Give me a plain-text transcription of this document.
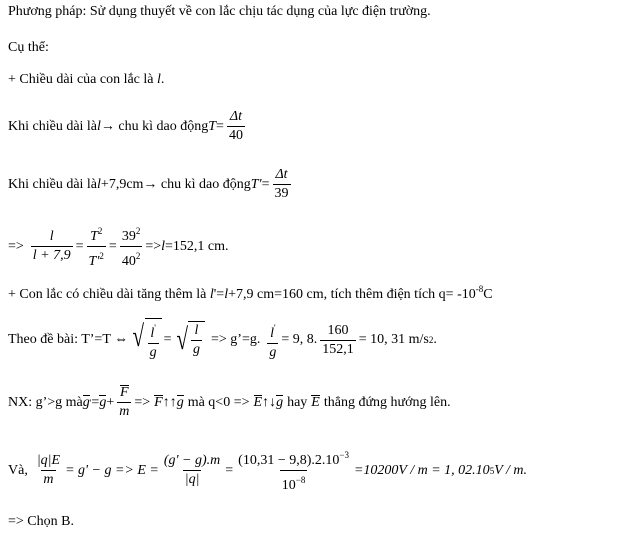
Phương pháp: Sử dụng thuyết về con lắc chịu tác dụng của lực điện trường.
Cụ thể:
+ Chiều dài của con lắc là l.
Khi chiều dài là l → chu kì dao động $T = \frac{\Delta t}{40}$
Khi chiều dài là l +7,9cm→ chu kì dao động $T' = \frac{\Delta t}{39}$
=> $\frac{l}{l + 7,9} = \frac{T^2}{T'^2} = \frac{39^2}{40^2} => l =152,1$ cm.
+ Con lắc có chiều dài tăng thêm là l'=l+7,9 cm=160 cm, tích thêm điện tích $q= -10^{-8}C$
Theo đề bài: T’=T ⇔ √ $\frac{l'}{g}$ = √ $\frac{l}{g}$ => g’=g. $\frac{l'}{g} = 9$, 8. $\frac{160}{152,1} = 10$, 31 m/s 2 .
NX: g’>g mà g ' = $g + \frac{F}{m} => F$ ↑↑ g mà q<0 => E ↑↓ g hay E thẳng đứng hướng lên.
Và, $\frac{|q|E}{m} = g' - g => E = \frac{(g' - g).m}{|q|} = \frac{(10,31 - 9,8).2.10^{-3}}{10^{-8}} =10200V / m = 1$, 02.10 5 V / m.
=> Chọn B.
